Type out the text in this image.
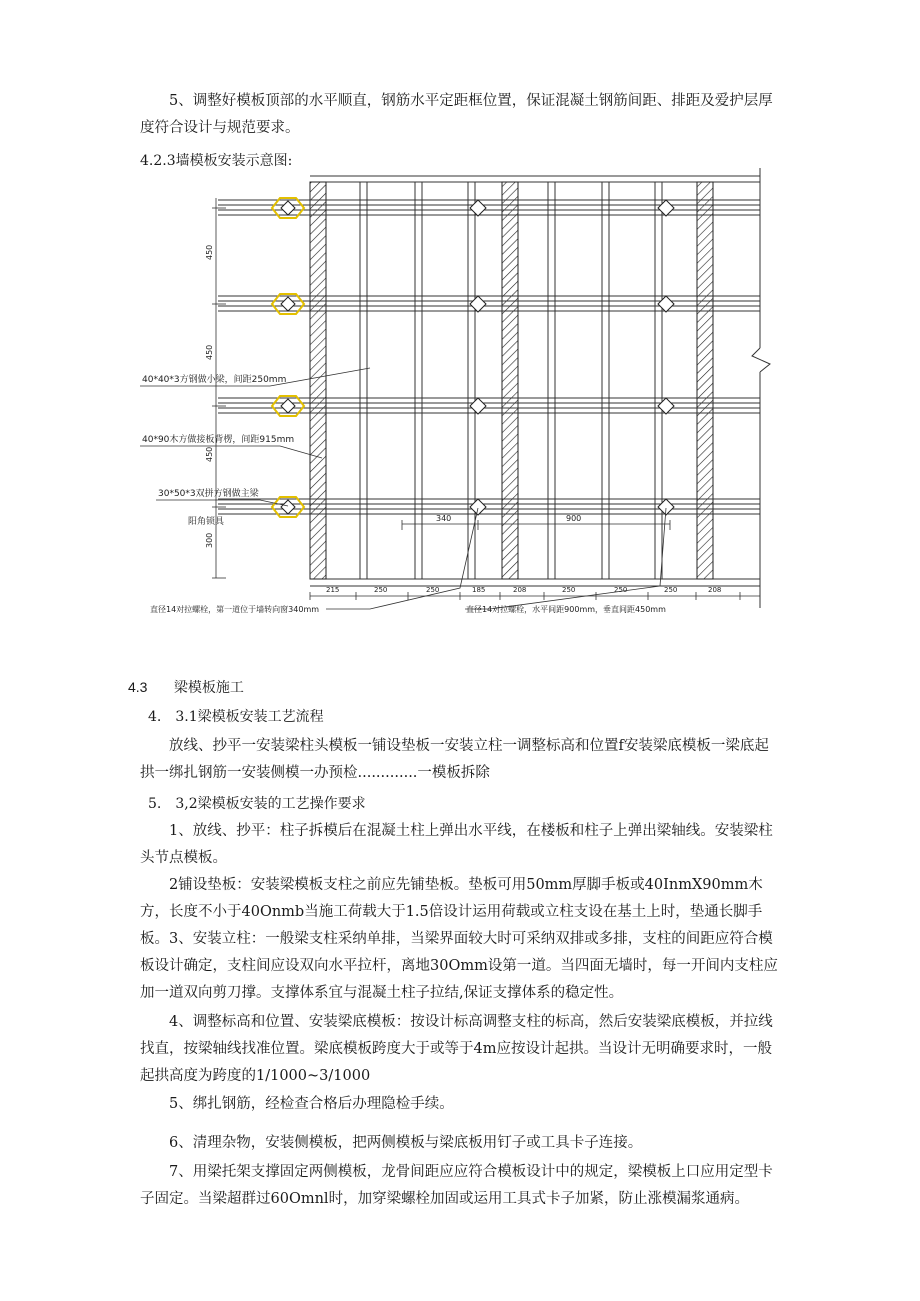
5、调整好模板顶部的水平顺直，钢筋水平定距框位置，保证混凝土钢筋间距、排距及爱护层厚度符合设计与规范要求。

4.2.3墙模板安装示意图:

450
450
450
300
340	900
215	250	250	185	208	250	250	250	208
40*40*3方钢做小梁，间距250mm
40*90木方做接板背楞，间距915mm
30*50*3双拼方钢做主梁
阳角锁具
直径14对拉螺栓，第一道位于墙转向窗340mm	直径14对拉螺栓，水平间距900mm，垂直间距450mm
4.3 梁模板施工

4.　3.1梁模板安装工艺流程

放线、抄平一安装梁柱头模板一铺设垫板一安装立柱一调整标高和位置f安装梁底模板一梁底起拱一绑扎钢筋一安装侧模一办预检.............一模板拆除

5.　3,2梁模板安装的工艺操作要求

1、放线、抄平：柱子拆模后在混凝土柱上弹出水平线，在楼板和柱子上弹出梁轴线。安装梁柱头节点模板。

2铺设垫板：安装梁模板支柱之前应先铺垫板。垫板可用50mm厚脚手板或40InmX90mm木方，长度不小于40Onmb当施工荷载大于1.5倍设计运用荷载或立柱支设在基土上时，垫通长脚手板。 3、安装立柱：一般梁支柱采纳单排，当梁界面较大时可采纳双排或多排，支柱的间距应符合模板设计确定，支柱间应设双向水平拉杆，离地30Omm设第一道。当四面无墙时，每一开间内支柱应加一道双向剪刀撑。支撑体系宜与混凝土柱子拉结,保证支撑体系的稳定性。

4、调整标高和位置、安装梁底模板：按设计标高调整支柱的标高，然后安装梁底模板，并拉线找直，按梁轴线找准位置。梁底模板跨度大于或等于4m应按设计起拱。当设计无明确要求时，一般起拱高度为跨度的1/1000~3/1000

5、绑扎钢筋，经检查合格后办理隐检手续。

6、清理杂物，安装侧模板，把两侧模板与梁底板用钉子或工具卡子连接。

7、用梁托架支撑固定两侧模板，龙骨间距应应符合模板设计中的规定，梁模板上口应用定型卡子固定。当梁超群过60Omnl时，加穿梁螺栓加固或运用工具式卡子加紧，防止涨模漏浆通病。
